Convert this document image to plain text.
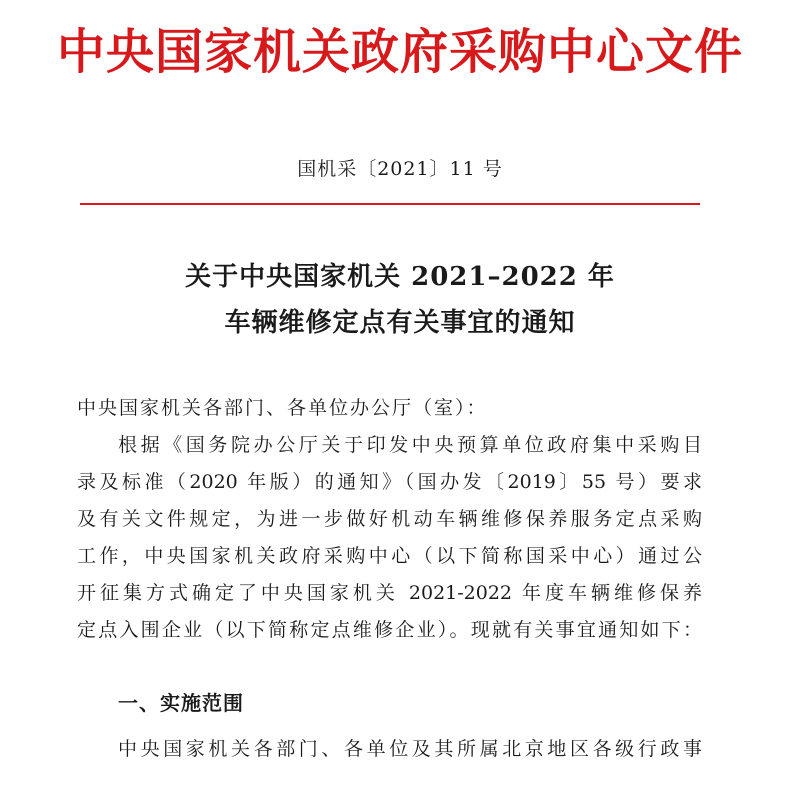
中央国家机关政府采购中心文件
国机采〔2021〕11 号
关于中央国家机关 2021–2022 年
车辆维修定点有关事宜的通知
中央国家机关各部门、各单位办公厅（室）：
根据《国务院办公厅关于印发中央预算单位政府集中采购目
录及标准（2020 年版）的通知》（国办发〔2019〕55 号）要求
及有关文件规定，为进一步做好机动车辆维修保养服务定点采购
工作，中央国家机关政府采购中心（以下简称国采中心）通过公
开征集方式确定了中央国家机关 2021-2022 年度车辆维修保养
定点入围企业（以下简称定点维修企业）。现就有关事宜通知如下：
一、实施范围
中央国家机关各部门、各单位及其所属北京地区各级行政事
